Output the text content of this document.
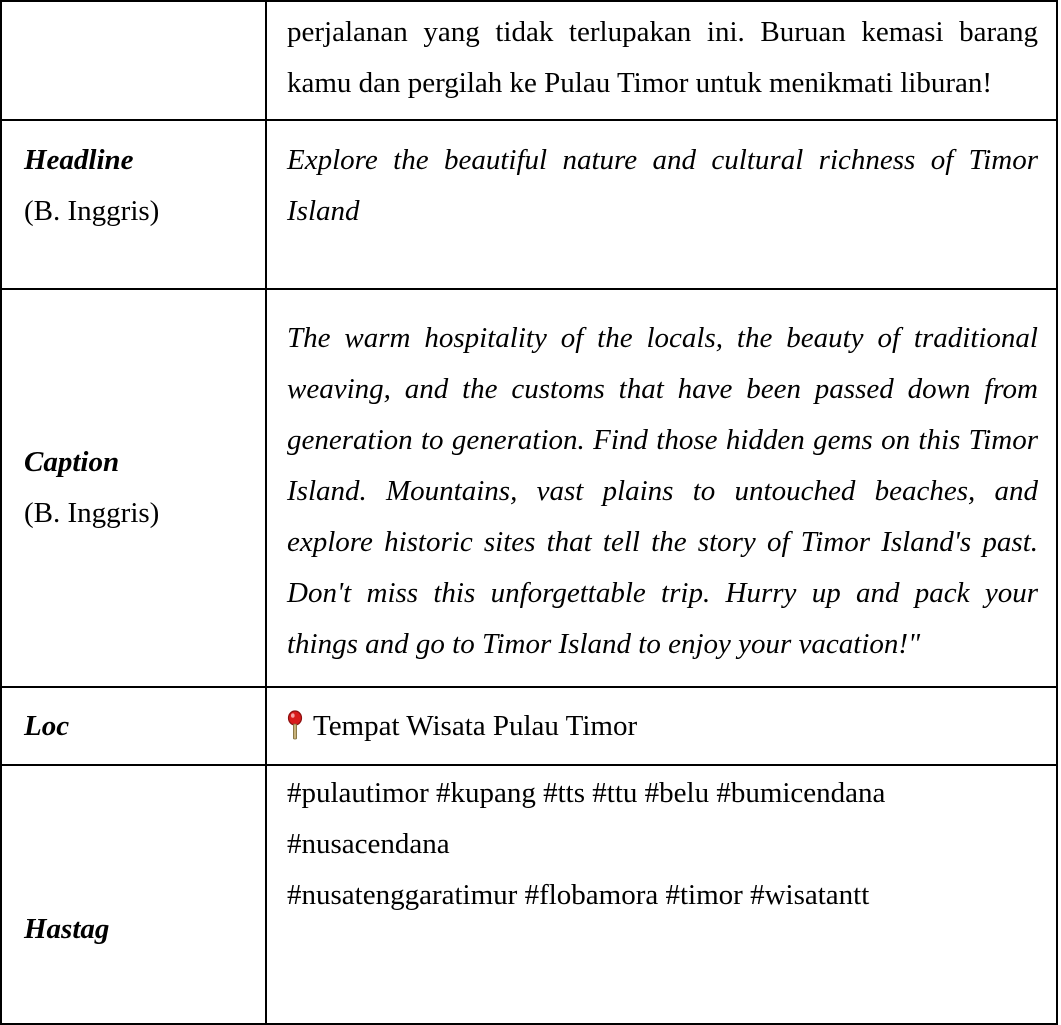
	perjalanan yang tidak terlupakan ini. Buruan kemasi barang kamu dan pergilah ke Pulau Timor untuk menikmati liburan!

Headline
(B. Inggris)	Explore the beautiful nature and cultural richness of Timor Island

Caption
(B. Inggris)	The warm hospitality of the locals, the beauty of traditional weaving, and the customs that have been passed down from generation to generation. Find those hidden gems on this Timor Island. Mountains, vast plains to untouched beaches, and explore historic sites that tell the story of Timor Island's past. Don't miss this unforgettable trip. Hurry up and pack your things and go to Timor Island to enjoy your vacation!"
Loc	Tempat Wisata Pulau Timor
Hastag	#pulautimor #kupang #tts #ttu #belu #bumicendana
#nusacendana
#nusatenggaratimur #flobamora #timor #wisatantt
